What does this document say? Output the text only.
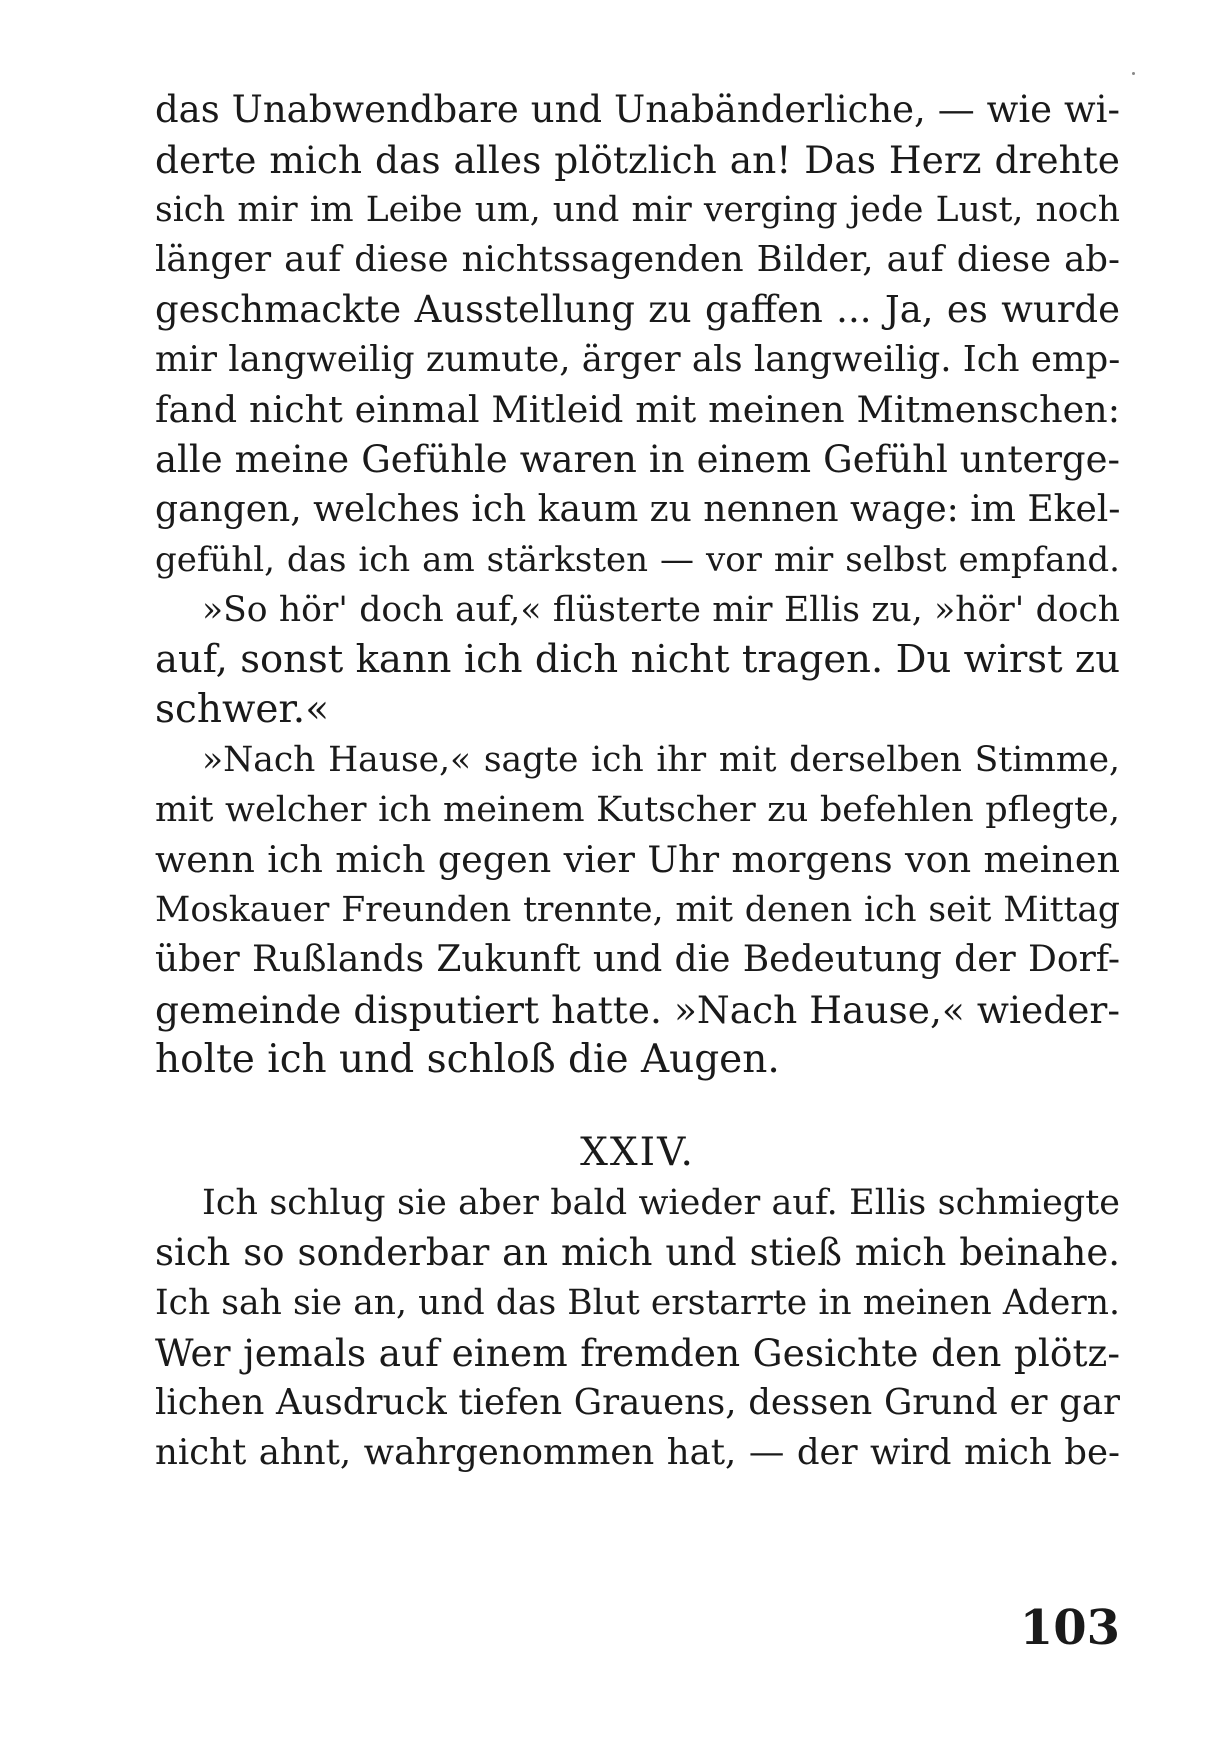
das Unabwendbare und Unabänderliche, — wie wi-
derte mich das alles plötzlich an! Das Herz drehte
sich mir im Leibe um, und mir verging jede Lust, noch
länger auf diese nichtssagenden Bilder, auf diese ab-
geschmackte Ausstellung zu gaffen ... Ja, es wurde
mir langweilig zumute, ärger als langweilig. Ich emp-
fand nicht einmal Mitleid mit meinen Mitmenschen:
alle meine Gefühle waren in einem Gefühl unterge-
gangen, welches ich kaum zu nennen wage: im Ekel-
gefühl, das ich am stärksten — vor mir selbst empfand.
»So hör' doch auf,« flüsterte mir Ellis zu, »hör' doch
auf, sonst kann ich dich nicht tragen. Du wirst zu
schwer.«
»Nach Hause,« sagte ich ihr mit derselben Stimme,
mit welcher ich meinem Kutscher zu befehlen pflegte,
wenn ich mich gegen vier Uhr morgens von meinen
Moskauer Freunden trennte, mit denen ich seit Mittag
über Rußlands Zukunft und die Bedeutung der Dorf-
gemeinde disputiert hatte. »Nach Hause,« wieder-
holte ich und schloß die Augen.
XXIV.
Ich schlug sie aber bald wieder auf. Ellis schmiegte
sich so sonderbar an mich und stieß mich beinahe.
Ich sah sie an, und das Blut erstarrte in meinen Adern.
Wer jemals auf einem fremden Gesichte den plötz-
lichen Ausdruck tiefen Grauens, dessen Grund er gar
nicht ahnt, wahrgenommen hat, — der wird mich be-
103
